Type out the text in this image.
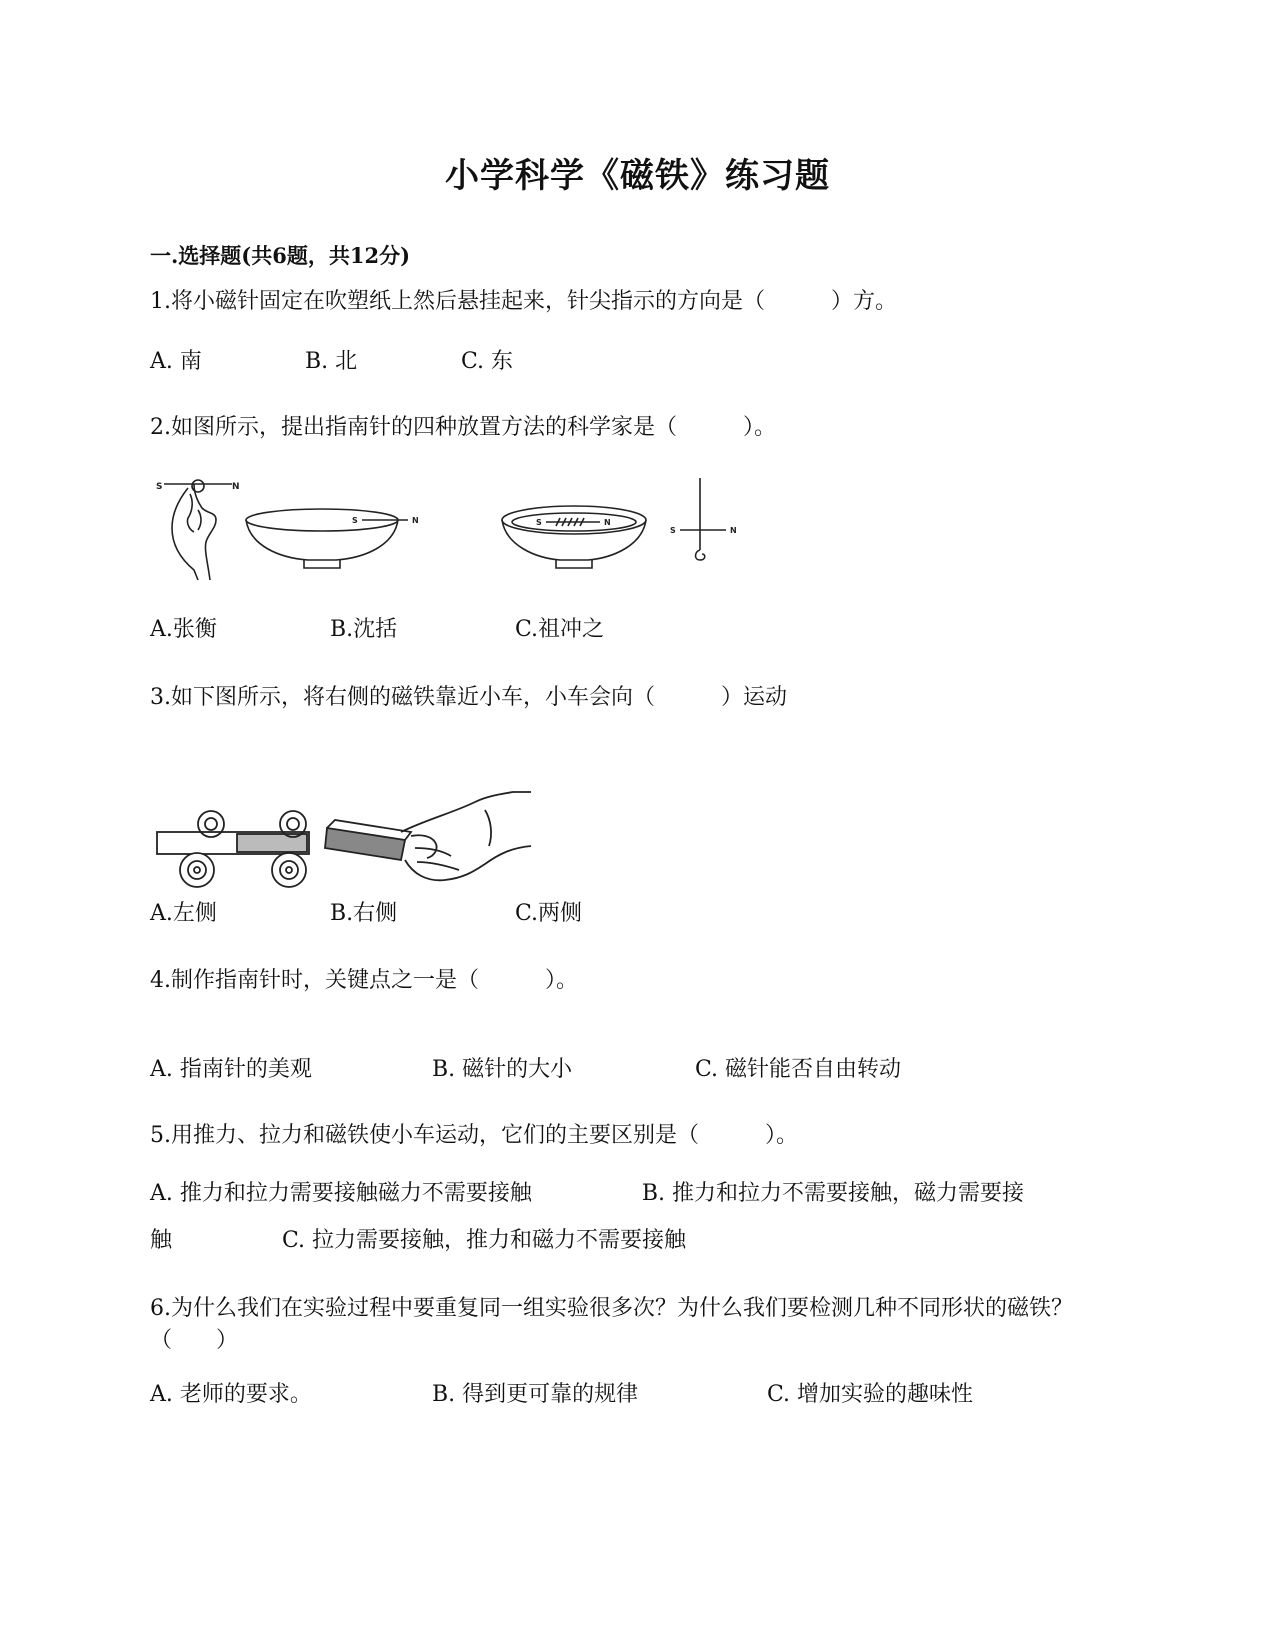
小学科学《磁铁》练习题
一.选择题(共6题，共12分)
1.将小磁针固定在吹塑纸上然后悬挂起来，针尖指示的方向是（　　　）方。
A. 南	B. 北	C. 东
2.如图所示，提出指南针的四种放置方法的科学家是（　　　）。
S	N
S	N	S	N
S	N
A.张衡	B.沈括	C.祖冲之
3.如下图所示，将右侧的磁铁靠近小车，小车会向（　　　）运动
A.左侧	B.右侧	C.两侧
4.制作指南针时，关键点之一是（　　　）。
A. 指南针的美观	B. 磁针的大小	C. 磁针能否自由转动
5.用推力、拉力和磁铁使小车运动，它们的主要区别是（　　　）。
A. 推力和拉力需要接触磁力不需要接触　　　　　B. 推力和拉力不需要接触，磁力需要接
触　　　　　C. 拉力需要接触，推力和磁力不需要接触
6.为什么我们在实验过程中要重复同一组实验很多次？为什么我们要检测几种不同形状的磁铁？（　　）
A. 老师的要求。	B. 得到更可靠的规律	C. 增加实验的趣味性
